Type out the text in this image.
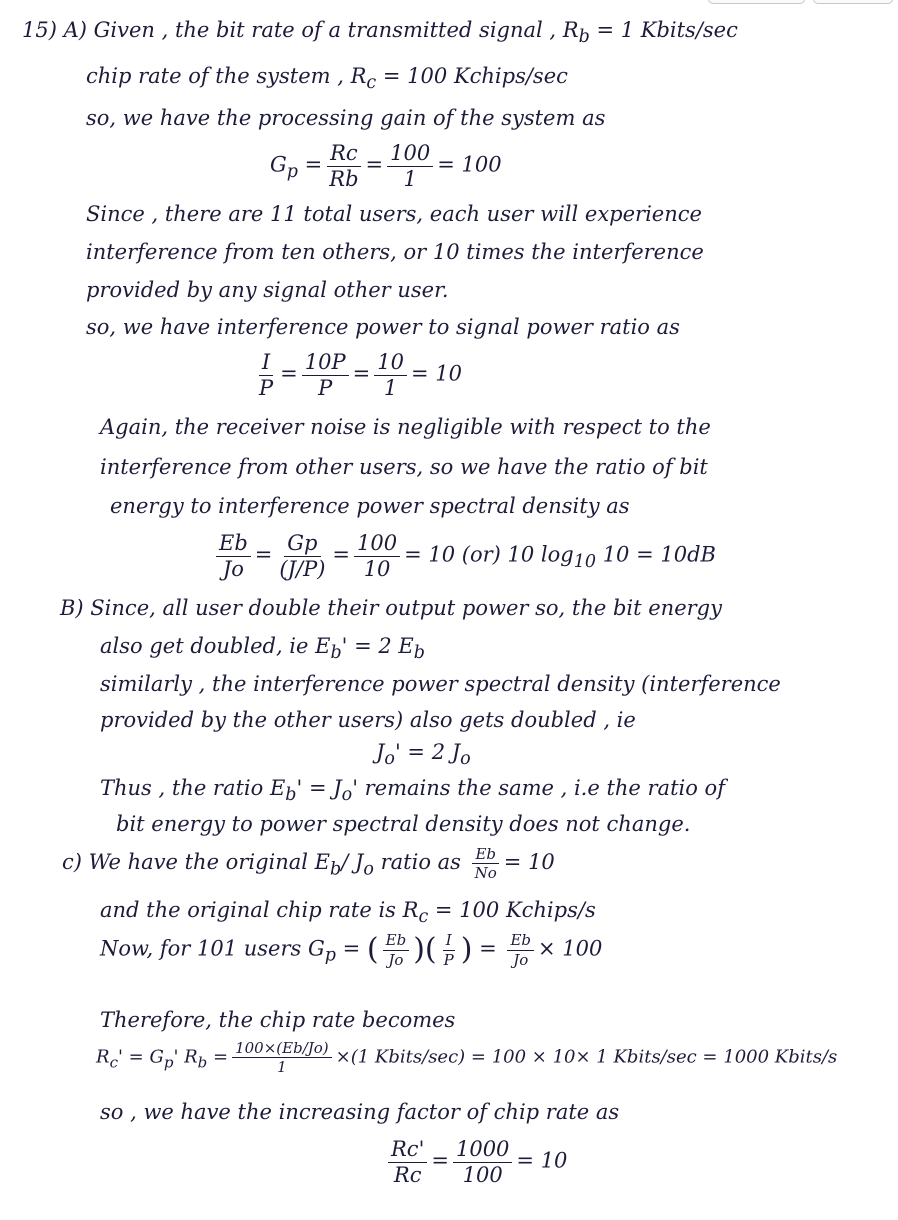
15) A) Given , the bit rate of a transmitted signal , $R_b = 1$ Kbits/sec
chip rate of the system , $R_c = 100$ Kchips/sec
so, we have the processing gain of the system as
$G_p = \frac{Rc}{Rb} = \frac{100}{1} = 100$
Since , there are 11 total users, each user will experience
interference from ten others, or 10 times the interference
provided by any signal other user.
so, we have interference power to signal power ratio as
$\frac{I}{P} = \frac{10P}{P} = \frac{10}{1} = 10$
Again, the receiver noise is negligible with respect to the
interference from other users, so we have the ratio of bit
energy to interference power spectral density as
$\frac{Eb}{Jo} = \frac{Gp}{(J/P)} = \frac{100}{10} = 10$ (or) 10 $\log_{10} 10 = 10dB$
B) Since, all user double their output power so, the bit energy
also get doubled, ie $E_b' = 2$ $E_b$
similarly , the interference power spectral density (interference
provided by the other users) also gets doubled , ie
$J_o' = 2$ $J_o$
Thus , the ratio $E_b' = J_o'$ remains the same , i.e the ratio of
bit energy to power spectral density does not change.
c) We have the original $E_b/$ $J_o$ ratio as $\frac{Eb}{No} = 10$
and the original chip rate is $R_c = 100$ Kchips/s
Now, for 101 users $G_p$ = ( $\frac{Eb}{Jo}$ )( $\frac{I}{P}$ ) = $\frac{Eb}{Jo} \times 100$
Therefore, the chip rate becomes
$R_c' = G_p'$ $R_b = \frac{100\times(Eb/Jo)}{1} \times(1$ Kbits/sec) = 100 × 10× 1 Kbits/sec = 1000 Kbits/s
so , we have the increasing factor of chip rate as
$\frac{Rc'}{Rc} = \frac{1000}{100} = 10$
